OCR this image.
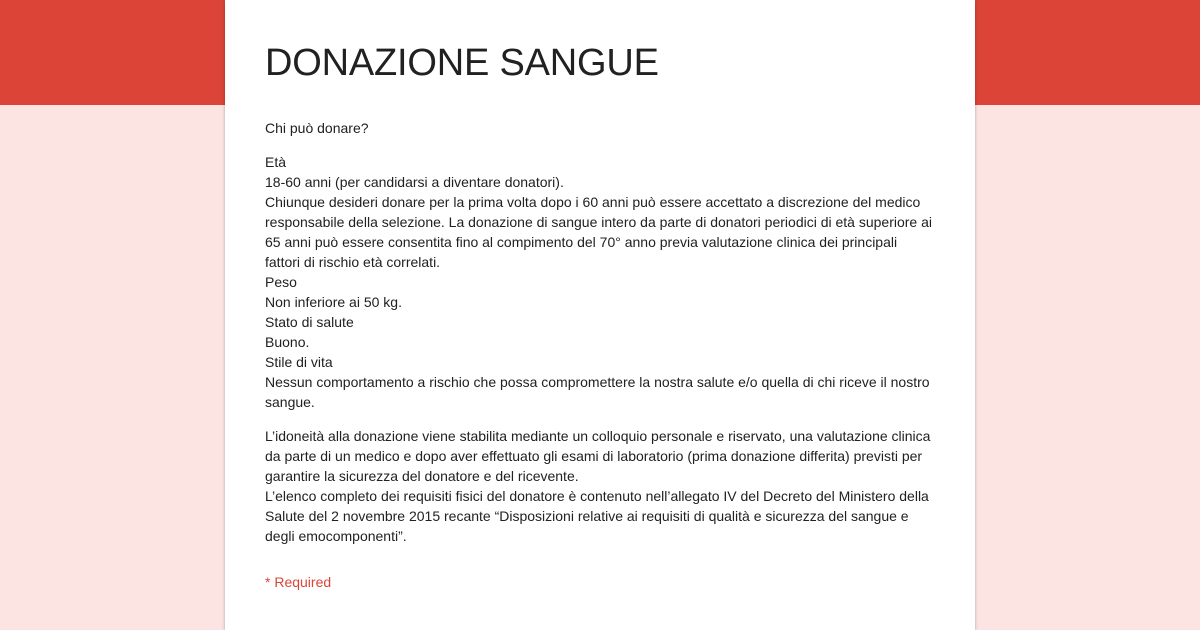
DONAZIONE SANGUE

Chi può donare?

Età

18-60 anni (per candidarsi a diventare donatori).

Chiunque desideri donare per la prima volta dopo i 60 anni può essere accettato a discrezione del medico responsabile della selezione. La donazione di sangue intero da parte di donatori periodici di età superiore ai 65 anni può essere consentita fino al compimento del 70° anno previa valutazione clinica dei principali fattori di rischio età correlati.

Peso

Non inferiore ai 50 kg.

Stato di salute

Buono.

Stile di vita

Nessun comportamento a rischio che possa compromettere la nostra salute e/o quella di chi riceve il nostro sangue.

L’idoneità alla donazione viene stabilita mediante un colloquio personale e riservato, una valutazione clinica da parte di un medico e dopo aver effettuato gli esami di laboratorio (prima donazione differita) previsti per garantire la sicurezza del donatore e del ricevente.

L’elenco completo dei requisiti fisici del donatore è contenuto nell’allegato IV del Decreto del Ministero della Salute del 2 novembre 2015 recante “Disposizioni relative ai requisiti di qualità e sicurezza del sangue e degli emocomponenti”.

* Required
